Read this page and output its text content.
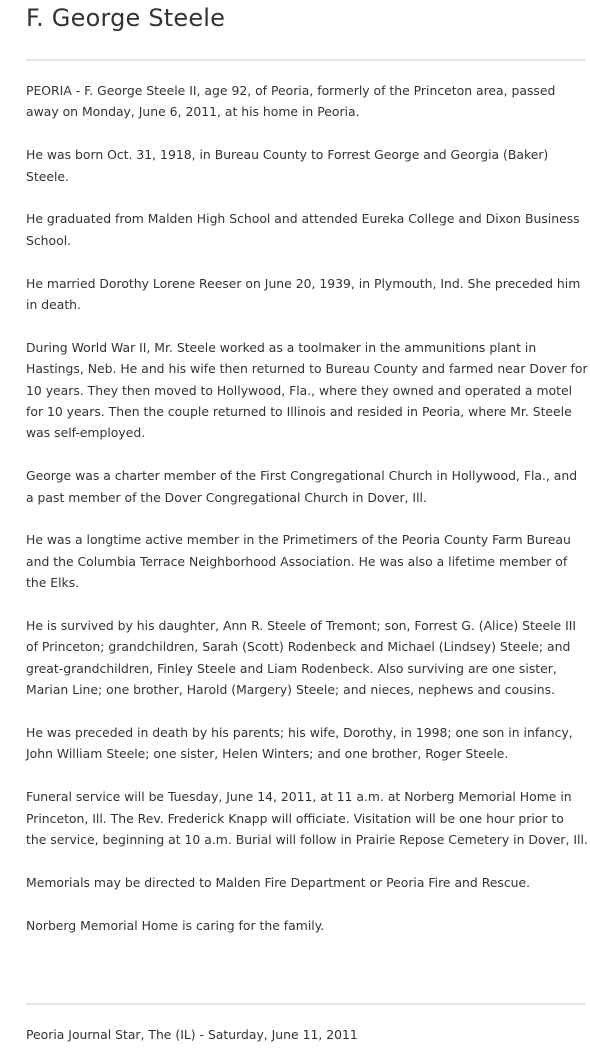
F. George Steele

PEORIA - F. George Steele II, age 92, of Peoria, formerly of the Princeton area, passed away on Monday, June 6, 2011, at his home in Peoria.

He was born Oct. 31, 1918, in Bureau County to Forrest George and Georgia (Baker) Steele.

He graduated from Malden High School and attended Eureka College and Dixon Business School.

He married Dorothy Lorene Reeser on June 20, 1939, in Plymouth, Ind. She preceded him in death.

During World War II, Mr. Steele worked as a toolmaker in the ammunitions plant in Hastings, Neb. He and his wife then returned to Bureau County and farmed near Dover for 10 years. They then moved to Hollywood, Fla., where they owned and operated a motel for 10 years. Then the couple returned to Illinois and resided in Peoria, where Mr. Steele was self-employed.

George was a charter member of the First Congregational Church in Hollywood, Fla., and a past member of the Dover Congregational Church in Dover, Ill.

He was a longtime active member in the Primetimers of the Peoria County Farm Bureau and the Columbia Terrace Neighborhood Association. He was also a lifetime member of the Elks.

He is survived by his daughter, Ann R. Steele of Tremont; son, Forrest G. (Alice) Steele III of Princeton; grandchildren, Sarah (Scott) Rodenbeck and Michael (Lindsey) Steele; and great-grandchildren, Finley Steele and Liam Rodenbeck. Also surviving are one sister, Marian Line; one brother, Harold (Margery) Steele; and nieces, nephews and cousins.

He was preceded in death by his parents; his wife, Dorothy, in 1998; one son in infancy, John William Steele; one sister, Helen Winters; and one brother, Roger Steele.

Funeral service will be Tuesday, June 14, 2011, at 11 a.m. at Norberg Memorial Home in Princeton, Ill. The Rev. Frederick Knapp will officiate. Visitation will be one hour prior to the service, beginning at 10 a.m. Burial will follow in Prairie Repose Cemetery in Dover, Ill.

Memorials may be directed to Malden Fire Department or Peoria Fire and Rescue.

Norberg Memorial Home is caring for the family.

Peoria Journal Star, The (IL) - Saturday, June 11, 2011
